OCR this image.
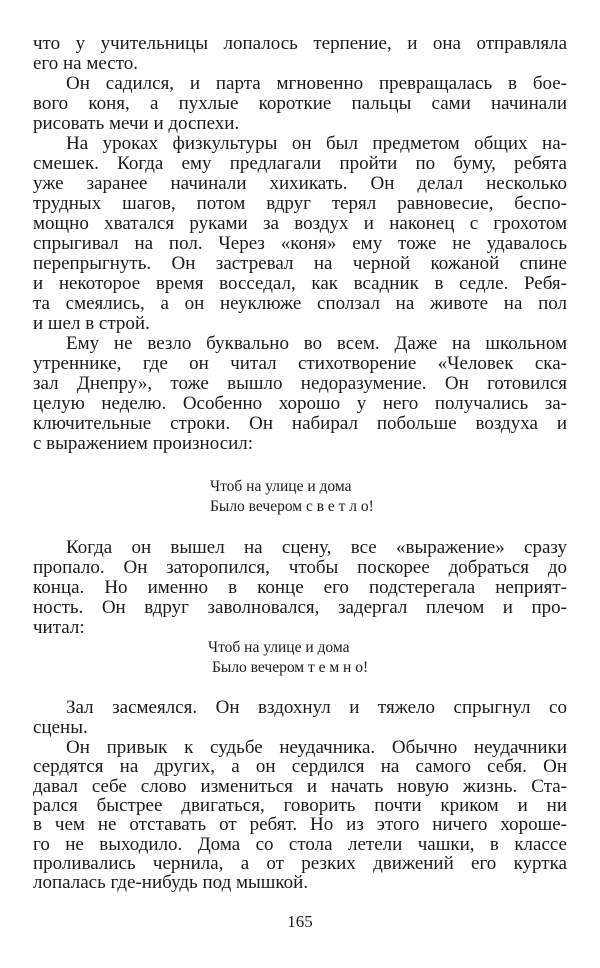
что у учительницы лопалось терпение, и она отправляла
его на место.
Он садился, и парта мгновенно превращалась в бое-
вого коня, а пухлые короткие пальцы сами начинали
рисовать мечи и доспехи.
На уроках физкультуры он был предметом общих на-
смешек. Когда ему предлагали пройти по буму, ребята
уже заранее начинали хихикать. Он делал несколько
трудных шагов, потом вдруг терял равновесие, беспо-
мощно хватался руками за воздух и наконец с грохотом
спрыгивал на пол. Через «коня» ему тоже не удавалось
перепрыгнуть. Он застревал на черной кожаной спине
и некоторое время восседал, как всадник в седле. Ребя-
та смеялись, а он неуклюже сползал на животе на пол
и шел в строй.
Ему не везло буквально во всем. Даже на школьном
утреннике, где он читал стихотворение «Человек ска-
зал Днепру», тоже вышло недоразумение. Он готовился
целую неделю. Особенно хорошо у него получались за-
ключительные строки. Он набирал побольше воздуха и
с выражением произносил:
Когда он вышел на сцену, все «выражение» сразу
пропало. Он заторопился, чтобы поскорее добраться до
конца. Но именно в конце его подстерегала неприят-
ность. Он вдруг заволновался, задергал плечом и про-
читал:
Зал засмеялся. Он вздохнул и тяжело спрыгнул со
сцены.
Он привык к судьбе неудачника. Обычно неудачники
сердятся на других, а он сердился на самого себя. Он
давал себе слово измениться и начать новую жизнь. Ста-
рался быстрее двигаться, говорить почти криком и ни
в чем не отставать от ребят. Но из этого ничего хороше-
го не выходило. Дома со стола летели чашки, в классе
проливались чернила, а от резких движений его куртка
лопалась где-нибудь под мышкой.
Чтоб на улице и дома
Было вечером с в е т л о!
Чтоб на улице и дома
Было вечером т е м н о!
165
